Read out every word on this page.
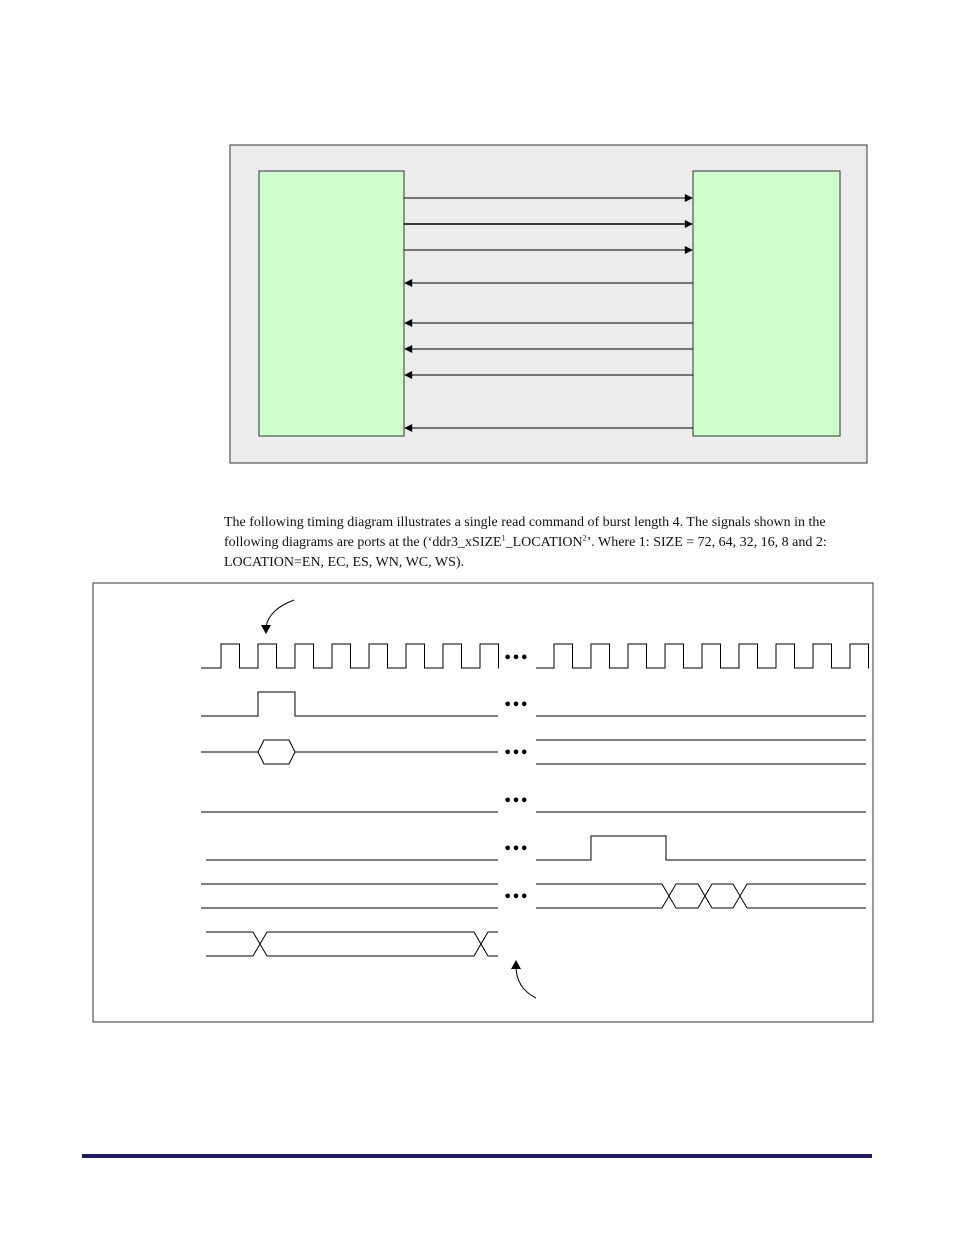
The following timing diagram illustrates a single read command of burst length 4. The signals shown in the following diagrams are ports at the (‘ddr3_xSIZE$^1$_LOCATION$^2$’. Where 1: SIZE = 72, 64, 32, 16, 8 and 2: LOCATION=EN, EC, ES, WN, WC, WS).

•••
•••
•••
•••
•••
•••
